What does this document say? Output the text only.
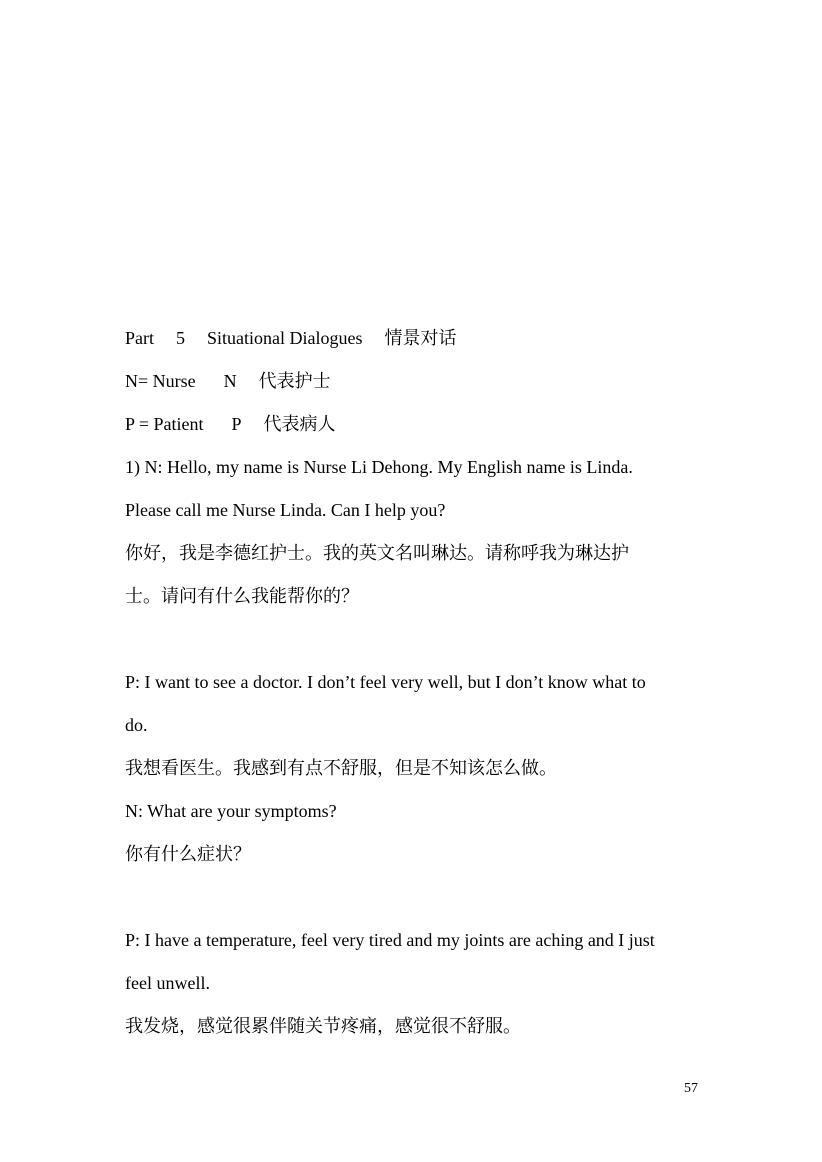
Part 5 Situational Dialogues 情景对话

N= Nurse N 代表护士

P = Patient P 代表病人

1) N: Hello, my name is Nurse Li Dehong. My English name is Linda.

Please call me Nurse Linda. Can I help you?

你好，我是李德红护士。我的英文名叫琳达。请称呼我为琳达护

士。请问有什么我能帮你的？

P: I want to see a doctor. I don’t feel very well, but I don’t know what to

do.

我想看医生。我感到有点不舒服，但是不知该怎么做。

N: What are your symptoms?

你有什么症状？

P: I have a temperature, feel very tired and my joints are aching and I just

feel unwell.

我发烧，感觉很累伴随关节疼痛，感觉很不舒服。

57
